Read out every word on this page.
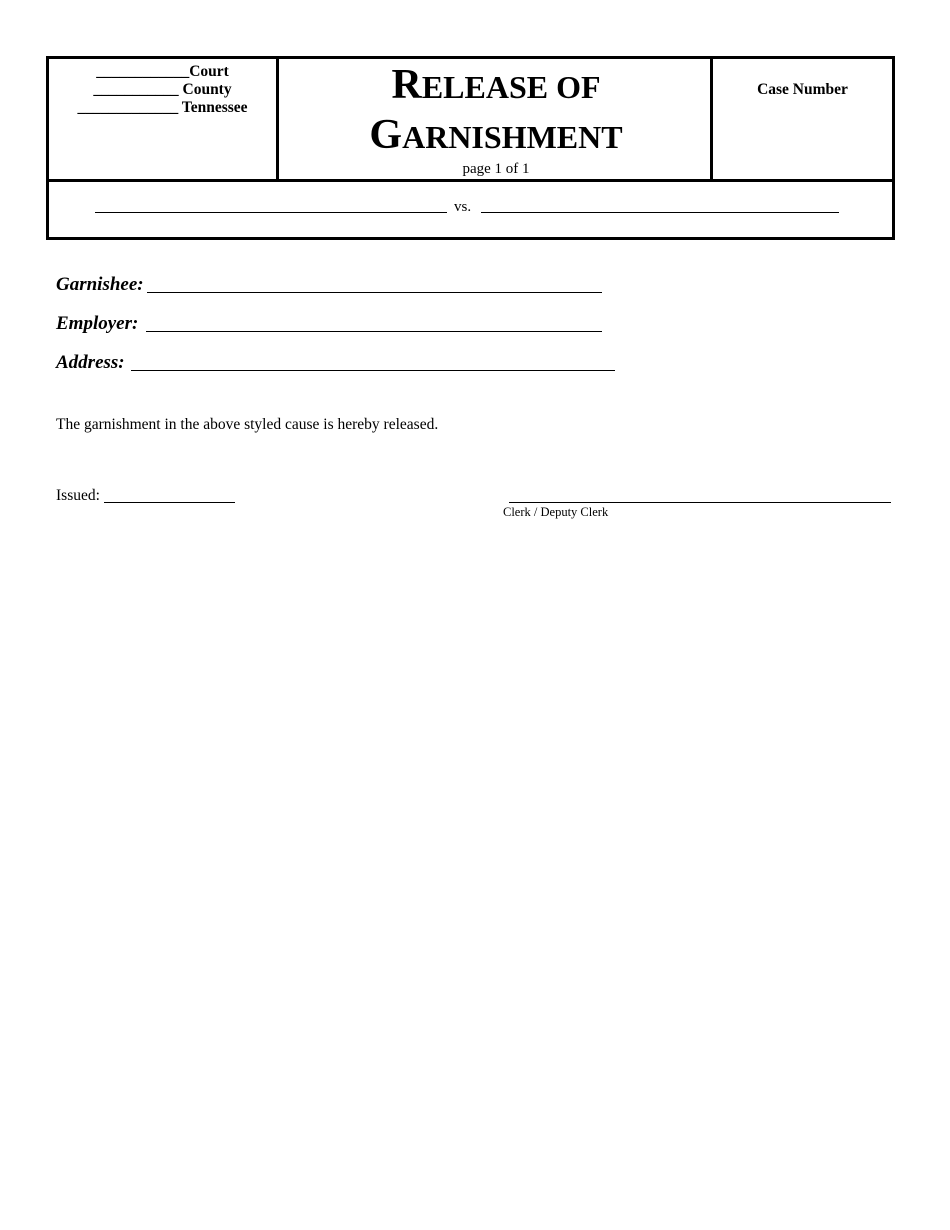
____________Court
___________ County
_____________ Tennessee	RELEASE OF
GARNISHMENT
page 1 of 1
Case Number
vs.
Garnishee:
Employer:
Address:
The garnishment in the above styled cause is hereby released.
Issued:
Clerk / Deputy Clerk
